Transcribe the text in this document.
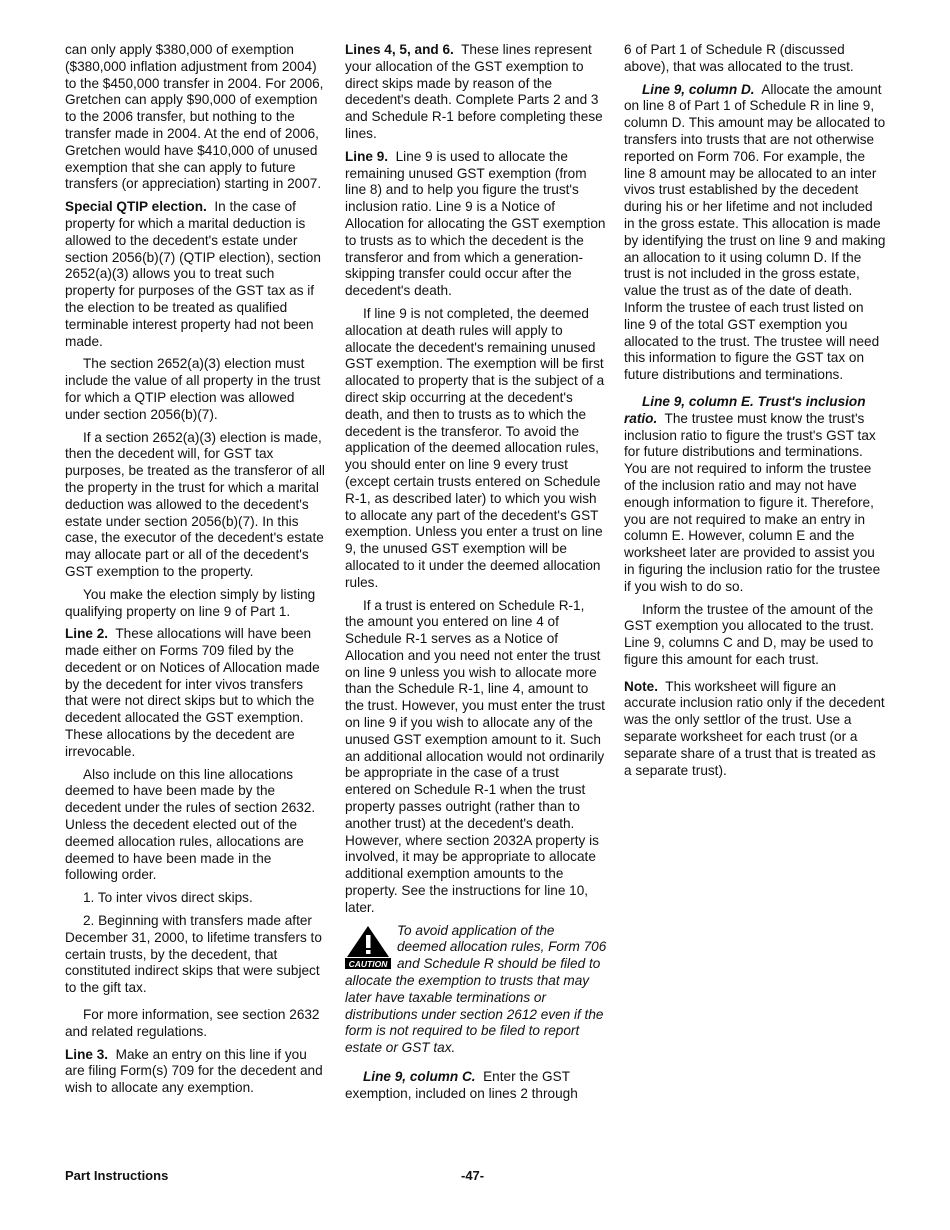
can only apply $380,000 of exemption ($380,000 inflation adjustment from 2004) to the $450,000 transfer in 2004. For 2006, Gretchen can apply $90,000 of exemption to the 2006 transfer, but nothing to the transfer made in 2004. At the end of 2006, Gretchen would have $410,000 of unused exemption that she can apply to future transfers (or appreciation) starting in 2007.

Special QTIP election. In the case of property for which a marital deduction is allowed to the decedent's estate under section 2056(b)(7) (QTIP election), section 2652(a)(3) allows you to treat such property for purposes of the GST tax as if the election to be treated as qualified terminable interest property had not been made.

The section 2652(a)(3) election must include the value of all property in the trust for which a QTIP election was allowed under section 2056(b)(7).

If a section 2652(a)(3) election is made, then the decedent will, for GST tax purposes, be treated as the transferor of all the property in the trust for which a marital deduction was allowed to the decedent's estate under section 2056(b)(7). In this case, the executor of the decedent's estate may allocate part or all of the decedent's GST exemption to the property.

You make the election simply by listing qualifying property on line 9 of Part 1.

Line 2. These allocations will have been made either on Forms 709 filed by the decedent or on Notices of Allocation made by the decedent for inter vivos transfers that were not direct skips but to which the decedent allocated the GST exemption. These allocations by the decedent are irrevocable.

Also include on this line allocations deemed to have been made by the decedent under the rules of section 2632. Unless the decedent elected out of the deemed allocation rules, allocations are deemed to have been made in the following order.

1. To inter vivos direct skips.

2. Beginning with transfers made after December 31, 2000, to lifetime transfers to certain trusts, by the decedent, that constituted indirect skips that were subject to the gift tax.

For more information, see section 2632 and related regulations.

Line 3. Make an entry on this line if you are filing Form(s) 709 for the decedent and wish to allocate any exemption.

Lines 4, 5, and 6. These lines represent your allocation of the GST exemption to direct skips made by reason of the decedent's death. Complete Parts 2 and 3 and Schedule R-1 before completing these lines.

Line 9. Line 9 is used to allocate the remaining unused GST exemption (from line 8) and to help you figure the trust's inclusion ratio. Line 9 is a Notice of Allocation for allocating the GST exemption to trusts as to which the decedent is the transferor and from which a generation-skipping transfer could occur after the decedent's death.

If line 9 is not completed, the deemed allocation at death rules will apply to allocate the decedent's remaining unused GST exemption. The exemption will be first allocated to property that is the subject of a direct skip occurring at the decedent's death, and then to trusts as to which the decedent is the transferor. To avoid the application of the deemed allocation rules, you should enter on line 9 every trust (except certain trusts entered on Schedule R-1, as described later) to which you wish to allocate any part of the decedent's GST exemption. Unless you enter a trust on line 9, the unused GST exemption will be allocated to it under the deemed allocation rules.

If a trust is entered on Schedule R-1, the amount you entered on line 4 of Schedule R-1 serves as a Notice of Allocation and you need not enter the trust on line 9 unless you wish to allocate more than the Schedule R-1, line 4, amount to the trust. However, you must enter the trust on line 9 if you wish to allocate any of the unused GST exemption amount to it. Such an additional allocation would not ordinarily be appropriate in the case of a trust entered on Schedule R-1 when the trust property passes outright (rather than to another trust) at the decedent's death. However, where section 2032A property is involved, it may be appropriate to allocate additional exemption amounts to the property. See the instructions for line 10, later.

CAUTION
To avoid application of the deemed allocation rules, Form 706 and Schedule R should be filed to allocate the exemption to trusts that may later have taxable terminations or distributions under section 2612 even if the form is not required to be filed to report estate or GST tax.

Line 9, column C. Enter the GST exemption, included on lines 2 through

6 of Part 1 of Schedule R (discussed above), that was allocated to the trust.

Line 9, column D. Allocate the amount on line 8 of Part 1 of Schedule R in line 9, column D. This amount may be allocated to transfers into trusts that are not otherwise reported on Form 706. For example, the line 8 amount may be allocated to an inter vivos trust established by the decedent during his or her lifetime and not included in the gross estate. This allocation is made by identifying the trust on line 9 and making an allocation to it using column D. If the trust is not included in the gross estate, value the trust as of the date of death. Inform the trustee of each trust listed on line 9 of the total GST exemption you allocated to the trust. The trustee will need this information to figure the GST tax on future distributions and terminations.

Line 9, column E. Trust's inclusion ratio. The trustee must know the trust's inclusion ratio to figure the trust's GST tax for future distributions and terminations. You are not required to inform the trustee of the inclusion ratio and may not have enough information to figure it. Therefore, you are not required to make an entry in column E. However, column E and the worksheet later are provided to assist you in figuring the inclusion ratio for the trustee if you wish to do so.

Inform the trustee of the amount of the GST exemption you allocated to the trust. Line 9, columns C and D, may be used to figure this amount for each trust.

Note. This worksheet will figure an accurate inclusion ratio only if the decedent was the only settlor of the trust. Use a separate worksheet for each trust (or a separate share of a trust that is treated as a separate trust).

Part Instructions	-47-
